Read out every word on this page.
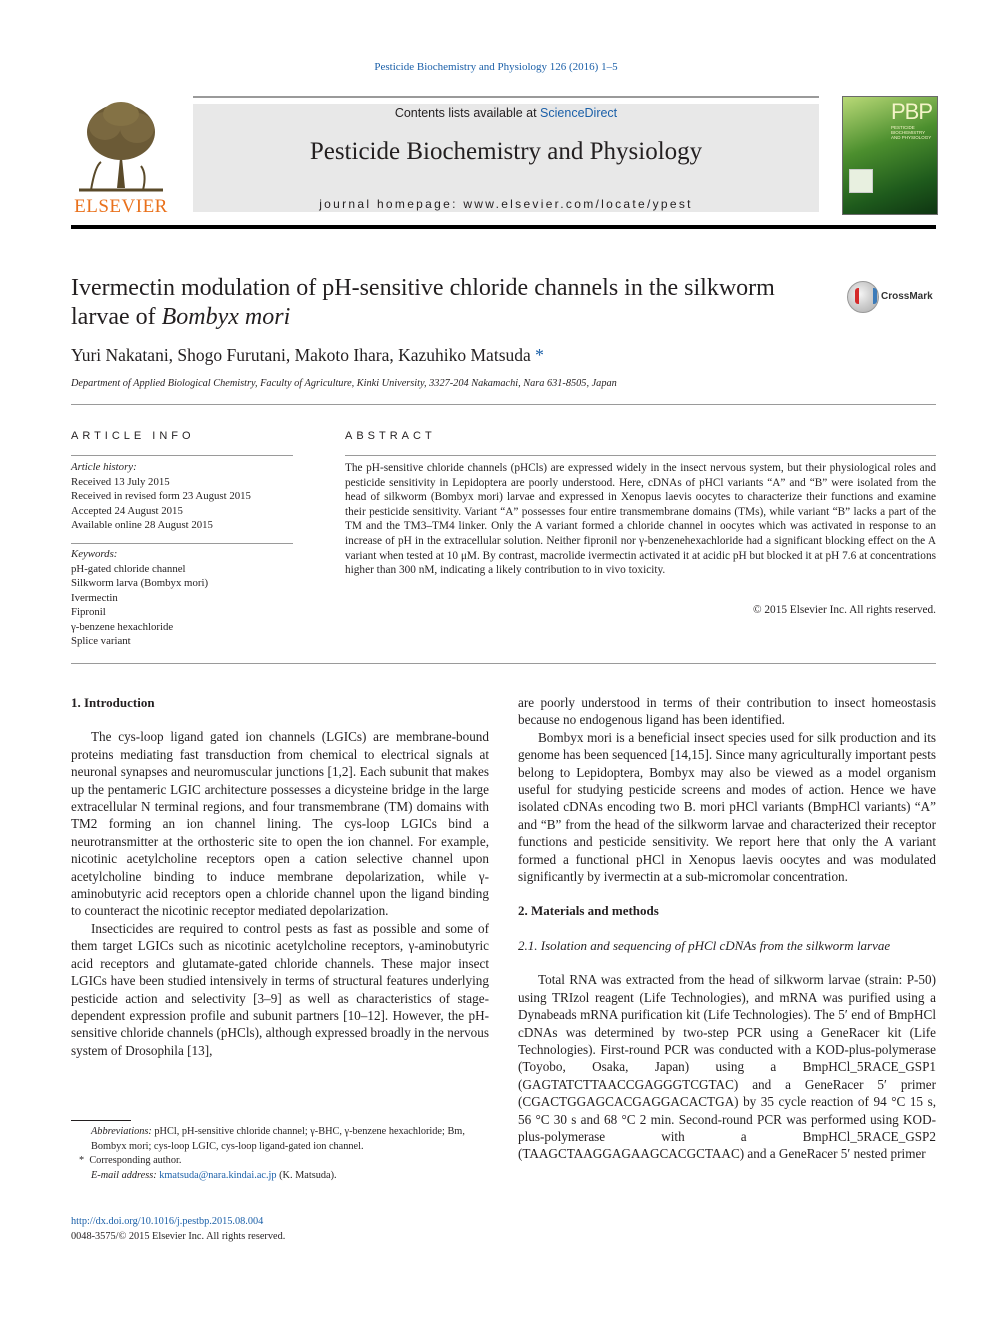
Pesticide Biochemistry and Physiology 126 (2016) 1–5
ELSEVIER
Contents lists available at ScienceDirect
Pesticide Biochemistry and Physiology
journal homepage: www.elsevier.com/locate/ypest
PBP
PESTICIDE BIOCHEMISTRY AND PHYSIOLOGY
Ivermectin modulation of pH-sensitive chloride channels in the silkworm larvae of Bombyx mori
CrossMark
Yuri Nakatani, Shogo Furutani, Makoto Ihara, Kazuhiko Matsuda *
Department of Applied Biological Chemistry, Faculty of Agriculture, Kinki University, 3327-204 Nakamachi, Nara 631-8505, Japan
ARTICLE INFO
Article history:
Received 13 July 2015
Received in revised form 23 August 2015
Accepted 24 August 2015
Available online 28 August 2015
Keywords:
pH-gated chloride channel
Silkworm larva (Bombyx mori)
Ivermectin
Fipronil
γ-benzene hexachloride
Splice variant
ABSTRACT
The pH-sensitive chloride channels (pHCls) are expressed widely in the insect nervous system, but their physiological roles and pesticide sensitivity in Lepidoptera are poorly understood. Here, cDNAs of pHCl variants “A” and “B” were isolated from the head of silkworm (Bombyx mori) larvae and expressed in Xenopus laevis oocytes to characterize their functions and examine their pesticide sensitivity. Variant “A” possesses four entire transmembrane domains (TMs), while variant “B” lacks a part of the TM and the TM3–TM4 linker. Only the A variant formed a chloride channel in oocytes which was activated in response to an increase of pH in the extracellular solution. Neither fipronil nor γ-benzenehexachloride had a significant blocking effect on the A variant when tested at 10 μM. By contrast, macrolide ivermectin activated it at acidic pH but blocked it at pH 7.6 at concentrations higher than 300 nM, indicating a likely contribution to in vivo toxicity.
© 2015 Elsevier Inc. All rights reserved.
1. Introduction

The cys-loop ligand gated ion channels (LGICs) are membrane-bound proteins mediating fast transduction from chemical to electrical signals at neuronal synapses and neuromuscular junctions [1,2]. Each subunit that makes up the pentameric LGIC architecture possesses a dicysteine bridge in the large extracellular N terminal regions, and four transmembrane (TM) domains with TM2 forming an ion channel lining. The cys-loop LGICs bind a neurotransmitter at the orthosteric site to open the ion channel. For example, nicotinic acetylcholine receptors open a cation selective channel upon acetylcholine binding to induce membrane depolarization, while γ-aminobutyric acid receptors open a chloride channel upon the ligand binding to counteract the nicotinic receptor mediated depolarization.

Insecticides are required to control pests as fast as possible and some of them target LGICs such as nicotinic acetylcholine receptors, γ-aminobutyric acid receptors and glutamate-gated chloride channels. These major insect LGICs have been studied intensively in terms of structural features underlying pesticide action and selectivity [3–9] as well as characteristics of stage-dependent expression profile and subunit partners [10–12]. However, the pH-sensitive chloride channels (pHCls), although expressed broadly in the nervous system of Drosophila [13],

are poorly understood in terms of their contribution to insect homeostasis because no endogenous ligand has been identified.

Bombyx mori is a beneficial insect species used for silk production and its genome has been sequenced [14,15]. Since many agriculturally important pests belong to Lepidoptera, Bombyx may also be viewed as a model organism useful for studying pesticide screens and modes of action. Hence we have isolated cDNAs encoding two B. mori pHCl variants (BmpHCl variants) “A” and “B” from the head of the silkworm larvae and characterized their receptor functions and pesticide sensitivity. We report here that only the A variant formed a functional pHCl in Xenopus laevis oocytes and was modulated significantly by ivermectin at a sub-micromolar concentration.

2. Materials and methods
2.1. Isolation and sequencing of pHCl cDNAs from the silkworm larvae

Total RNA was extracted from the head of silkworm larvae (strain: P-50) using TRIzol reagent (Life Technologies), and mRNA was purified using a Dynabeads mRNA purification kit (Life Technologies). The 5′ end of BmpHCl cDNAs was determined by two-step PCR using a GeneRacer kit (Life Technologies). First-round PCR was conducted with a KOD-plus-polymerase (Toyobo, Osaka, Japan) using a BmpHCl_5RACE_GSP1 (GAGTATCTTAACCGAGGGTCGTAC) and a GeneRacer 5′ primer (CGACTGGAGCACGAGGACACTGA) by 35 cycle reaction of 94 °C 15 s, 56 °C 30 s and 68 °C 2 min. Second-round PCR was performed using KOD-plus-polymerase with a BmpHCl_5RACE_GSP2 (TAAGCTAAGGAGAAGCACGCTAAC) and a GeneRacer 5′ nested primer

Abbreviations: pHCl, pH-sensitive chloride channel; γ-BHC, γ-benzene hexachloride; Bm, Bombyx mori; cys-loop LGIC, cys-loop ligand-gated ion channel.
* Corresponding author.
E-mail address: kmatsuda@nara.kindai.ac.jp (K. Matsuda).
http://dx.doi.org/10.1016/j.pestbp.2015.08.004
0048-3575/© 2015 Elsevier Inc. All rights reserved.
